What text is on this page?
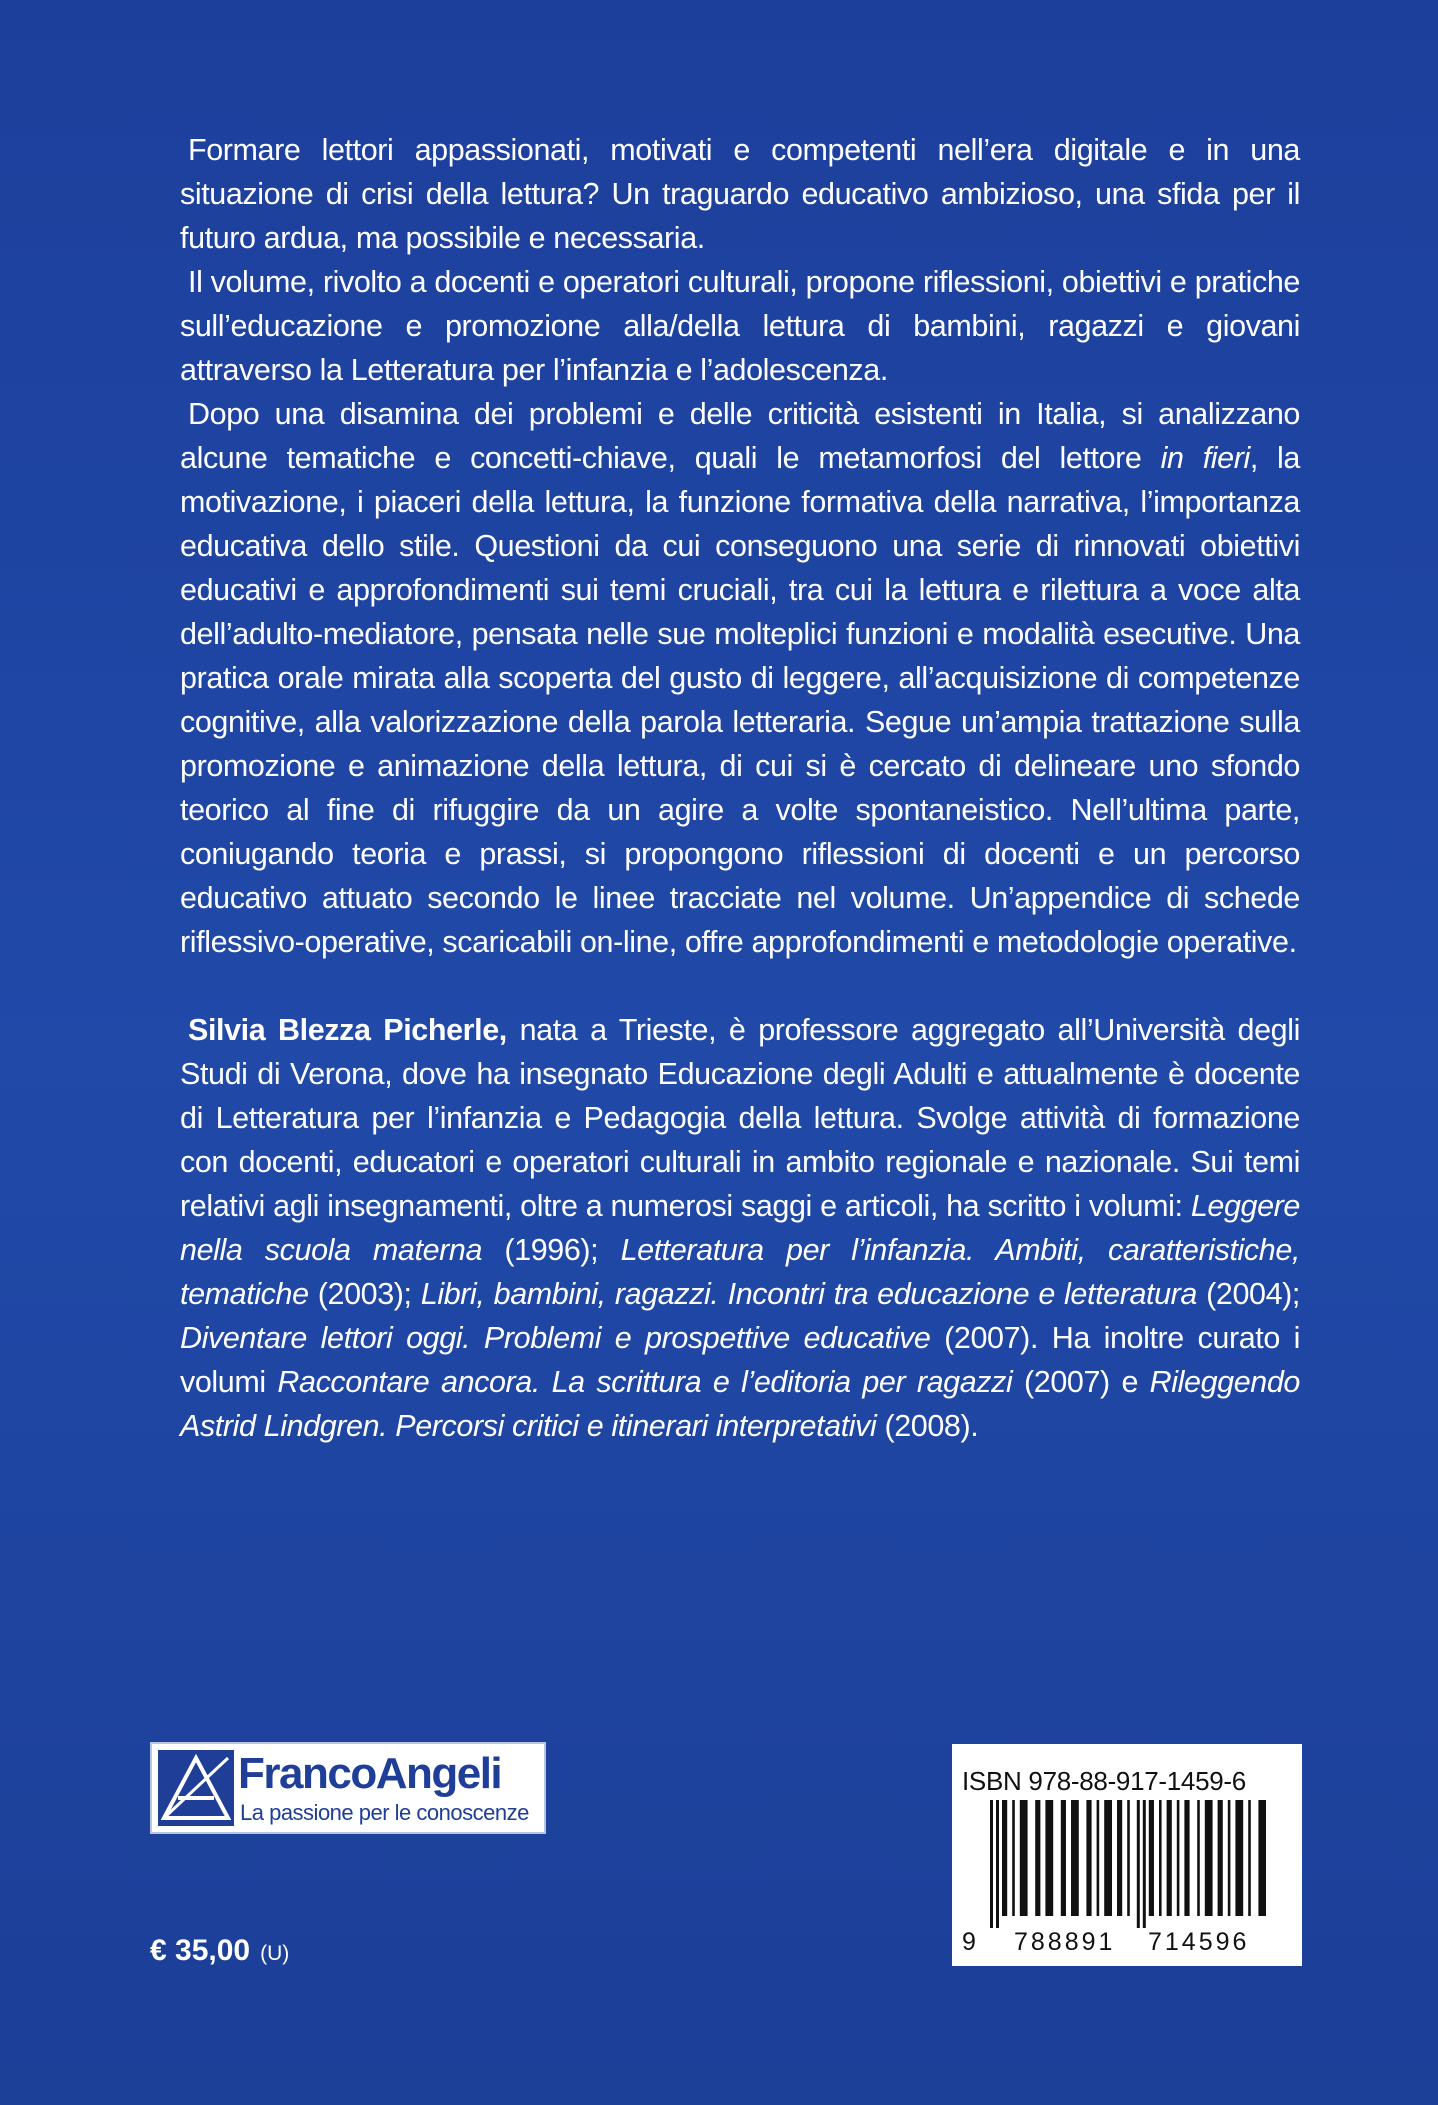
Formare lettori appassionati, motivati e competenti nell’era digitale e in una situazione di crisi della lettura? Un traguardo educativo ambizioso, una sfida per il futuro ardua, ma possibile e necessaria.

Il volume, rivolto a docenti e operatori culturali, propone riflessioni, obiettivi e pratiche sull’educazione e promozione alla/della lettura di bambini, ragazzi e giovani attraverso la Letteratura per l’infanzia e l’adolescenza.

Dopo una disamina dei problemi e delle criticità esistenti in Italia, si analizzano alcune tematiche e concetti-chiave, quali le metamorfosi del lettore in fieri, la motivazione, i piaceri della lettura, la funzione formativa della narrativa, l’importanza educativa dello stile. Questioni da cui conseguono una serie di rinnovati obiettivi educativi e approfondimenti sui temi cruciali, tra cui la lettura e rilettura a voce alta dell’adulto-mediatore, pensata nelle sue molteplici funzioni e modalità esecutive. Una pratica orale mirata alla scoperta del gusto di leggere, all’acquisizione di competenze cognitive, alla valorizzazione della parola letteraria. Segue un’ampia trattazione sulla promozione e animazione della lettura, di cui si è cercato di delineare uno sfondo teorico al fine di rifuggire da un agire a volte spontaneistico. Nell’ultima parte, coniugando teoria e prassi, si propongono riflessioni di docenti e un percorso educativo attuato secondo le linee tracciate nel volume. Un’appendice di schede riflessivo-operative, scaricabili on-line, offre approfondimenti e metodologie operative.

Silvia Blezza Picherle, nata a Trieste, è professore aggregato all’Università degli Studi di Verona, dove ha insegnato Educazione degli Adulti e attualmente è docente di Letteratura per l’infanzia e Pedagogia della lettura. Svolge attività di formazione con docenti, educatori e operatori culturali in ambito regionale e nazionale. Sui temi relativi agli insegnamenti, oltre a numerosi saggi e articoli, ha scritto i volumi: Leggere nella scuola materna (1996); Letteratura per l’infanzia. Ambiti, caratteristiche, tematiche (2003); Libri, bambini, ragazzi. Incontri tra educazione e letteratura (2004); Diventare lettori oggi. Problemi e prospettive educative (2007). Ha inoltre curato i volumi Raccontare ancora. La scrittura e l’editoria per ragazzi (2007) e Rileggendo Astrid Lindgren. Percorsi critici e itinerari interpretativi (2008).

FrancoAngeli
La passione per le conoscenze
€ 35,00 (U)
ISBN 978-88-917-1459-6
9 788891 714596
